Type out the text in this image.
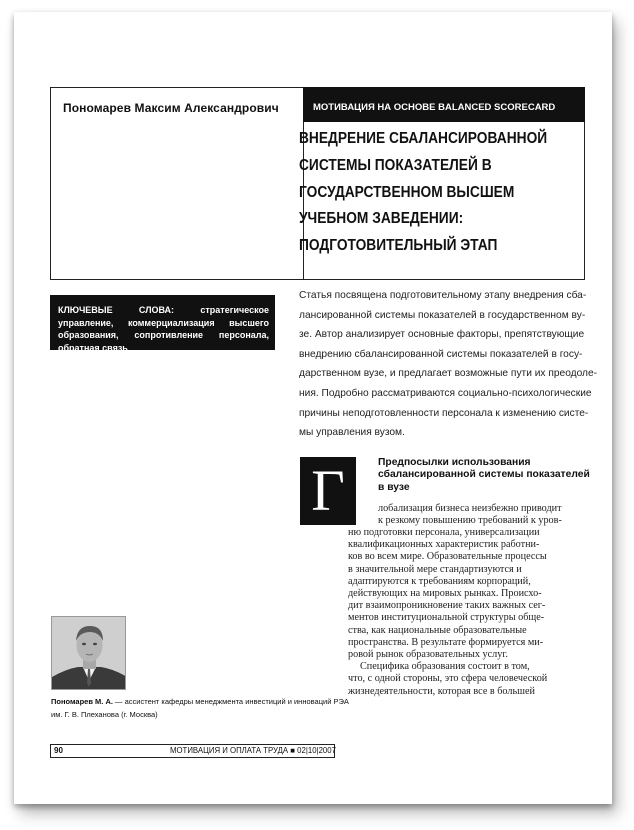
Пономарев Максим Александрович	МОТИВАЦИЯ НА ОСНОВЕ BALANCED SCORECARD
ВНЕДРЕНИЕ СБАЛАНСИРОВАННОЙ
СИСТЕМЫ ПОКАЗАТЕЛЕЙ В
ГОСУДАРСТВЕННОМ ВЫСШЕМ
УЧЕБНОМ ЗАВЕДЕНИИ:
ПОДГОТОВИТЕЛЬНЫЙ ЭТАП
КЛЮЧЕВЫЕ СЛОВА:	стратегическое управление, коммерциализация высшего образования, сопротивление персонала, обратная связь
Статья посвящена подготовительному этапу внедрения сба-
лансированной системы показателей в государственном ву-
зе. Автор анализирует основные факторы, препятствующие
внедрению сбалансированной системы показателей в госу-
дарственном вузе, и предлагает возможные пути их преодоле-
ния. Подробно рассматриваются социально-психологические
причины неподготовленности персонала к изменению систе-
мы управления вузом.
Г	Предпосылки использования
сбалансированной системы показателей
в вузе
лобализация бизнеса неизбежно приводит
к резкому повышению требований к уров-
ню подготовки персонала, универсализации
квалификационных характеристик работни-
ков во всем мире. Образовательные процессы
в значительной мере стандартизуются и
адаптируются к требованиям корпораций,
действующих на мировых рынках. Происхо-
дит взаимопроникновение таких важных сег-
ментов институциональной структуры обще-
ства, как национальные образовательные
пространства. В результате формируется ми-
ровой рынок образовательных услуг.
Специфика образования состоит в том,
что, с одной стороны, это сфера человеческой
жизнедеятельности, которая все в большей
Пономарев М. А. — ассистент кафедры менеджмента инвестиций и инноваций РЭА
им. Г. В. Плеханова (г. Москва)
90	МОТИВАЦИЯ И ОПЛАТА ТРУДА ■ 02|10|2007
